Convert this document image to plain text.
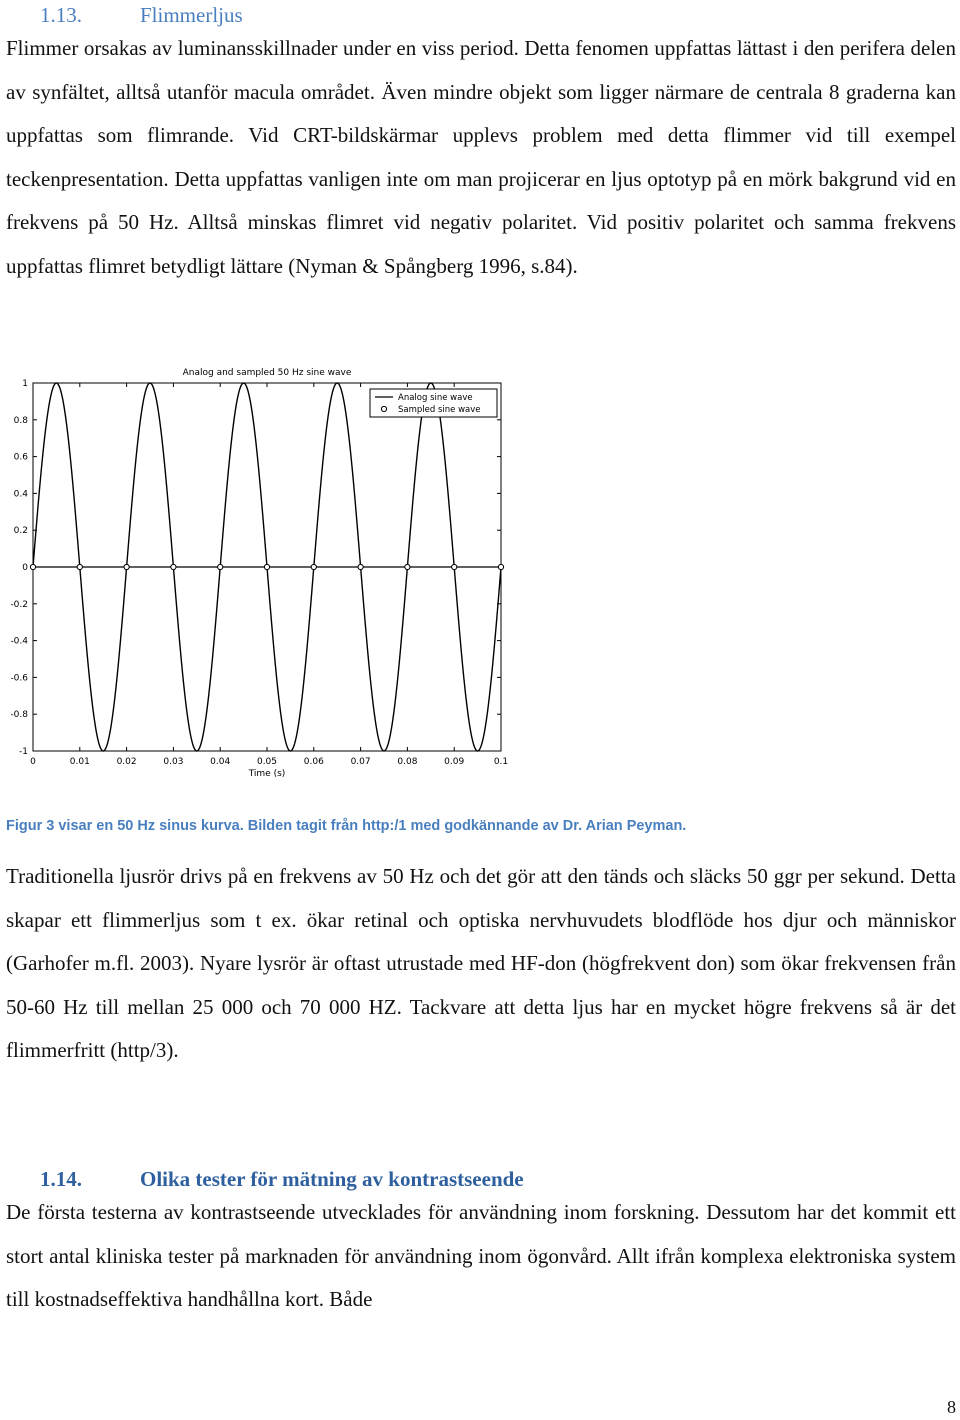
1.13.	Flimmerljus

Flimmer orsakas av luminansskillnader under en viss period. Detta fenomen uppfattas lättast i den perifera delen av synfältet, alltså utanför macula området. Även mindre objekt som ligger närmare de centrala 8 graderna kan uppfattas som flimrande. Vid CRT-bildskärmar upplevs problem med detta flimmer vid till exempel teckenpresentation. Detta uppfattas vanligen inte om man projicerar en ljus optotyp på en mörk bakgrund vid en frekvens på 50 Hz. Alltså minskas flimret vid negativ polaritet. Vid positiv polaritet och samma frekvens uppfattas flimret betydligt lättare (Nyman & Spångberg 1996, s.84).

1
0.8
0.6
0.4
0.2
0
-0.2
-0.4
-0.6
-0.8
-1
0	0.01	0.02	0.03	0.04	0.05	0.06	0.07	0.08	0.09	0.1
Time (s)
Analog and sampled 50 Hz sine wave
Analog sine wave
Sampled sine wave
Figur 3 visar en 50 Hz sinus kurva. Bilden tagit från http:/1 med godkännande av Dr. Arian Peyman.

Traditionella ljusrör drivs på en frekvens av 50 Hz och det gör att den tänds och släcks 50 ggr per sekund. Detta skapar ett flimmerljus som t ex. ökar retinal och optiska nervhuvudets blodflöde hos djur och människor (Garhofer m.fl. 2003). Nyare lysrör är oftast utrustade med HF-don (högfrekvent don) som ökar frekvensen från 50-60 Hz till mellan 25 000 och 70 000 HZ. Tackvare att detta ljus har en mycket högre frekvens så är det flimmerfritt (http/3).

1.14.	Olika tester för mätning av kontrastseende

De första testerna av kontrastseende utvecklades för användning inom forskning. Dessutom har det kommit ett stort antal kliniska tester på marknaden för användning inom ögonvård. Allt ifrån komplexa elektroniska system till kostnadseffektiva handhållna kort. Både

8
